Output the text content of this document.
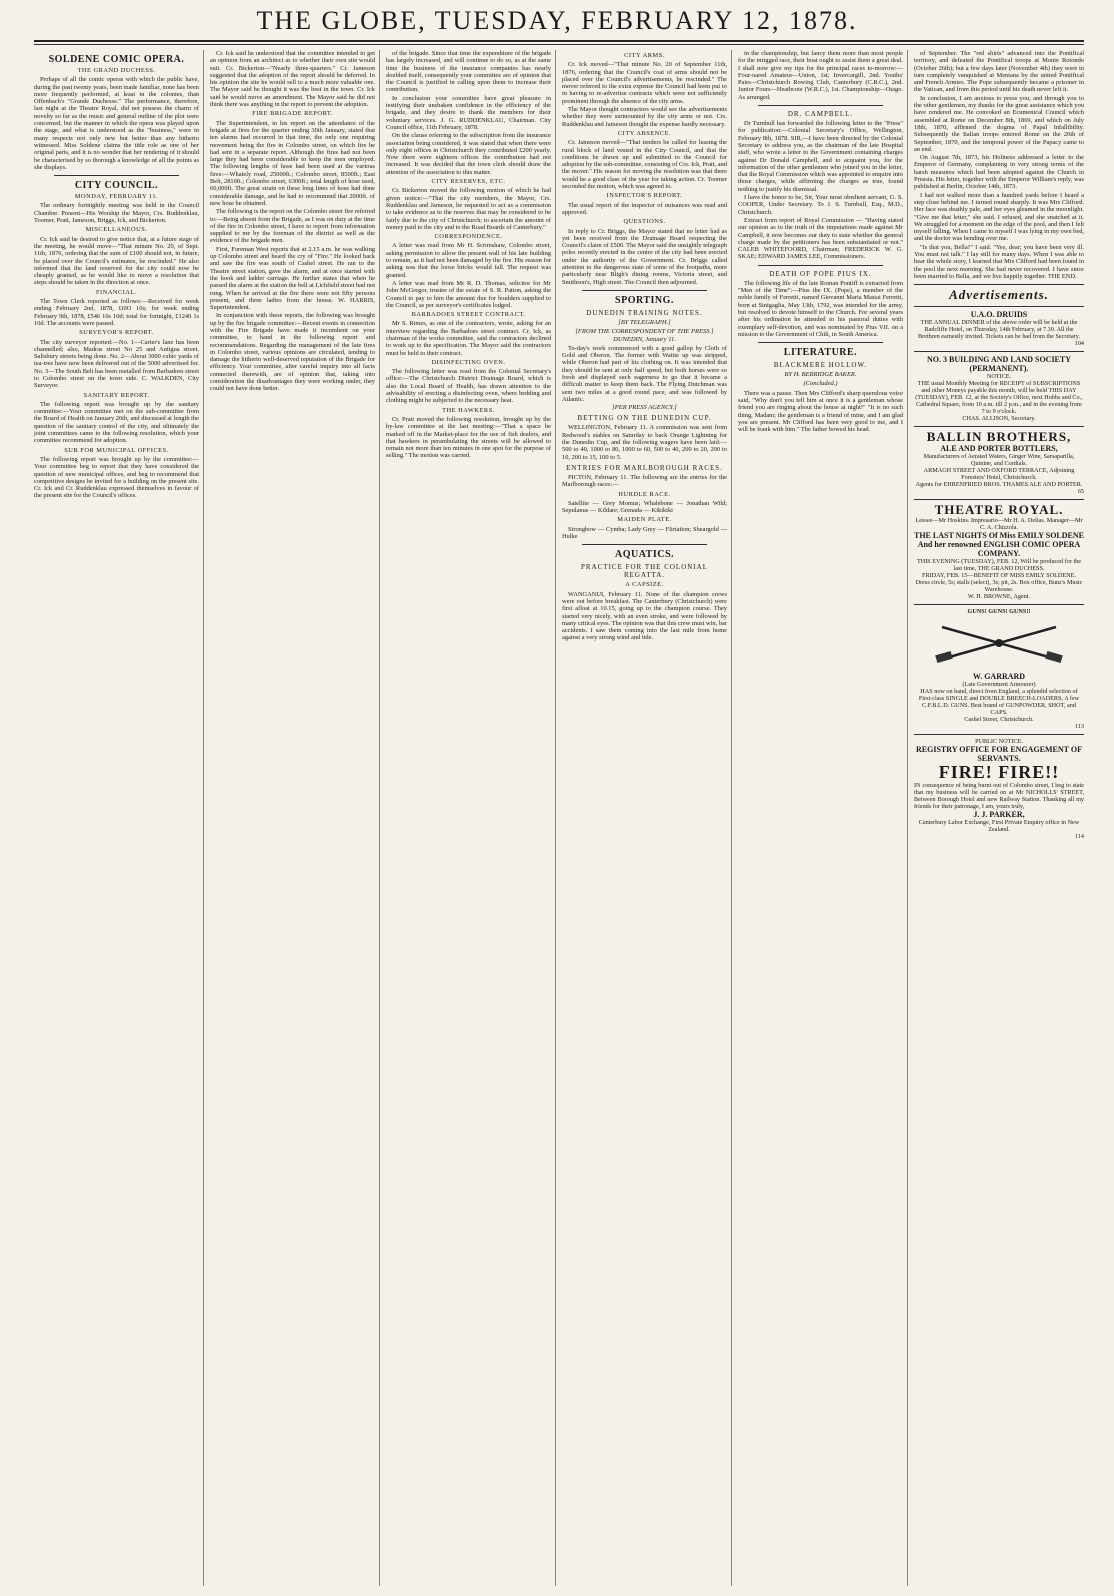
THE GLOBE, TUESDAY, FEBRUARY 12, 1878.
SOLDENE COMIC OPERA.
THE GRAND DUCHESS.

Perhaps of all the comic operas with which the public have, during the past twenty years, been made familiar, none has been more frequently performed, at least in the colonies, than Offenbach's "Grande Duchesse." The performance, therefore, last night at the Theatre Royal, did not possess the charm of novelty so far as the music and general outline of the plot were concerned, but the manner in which the opera was played upon the stage, and what is understood as the "business," were in many respects not only new but better than any hitherto witnessed. Miss Soldene claims the title role as one of her original parts, and it is no wonder that her rendering of it should be characterised by so thorough a knowledge of all the points as she displays.

CITY COUNCIL.
MONDAY, FEBRUARY 11.

The ordinary fortnightly meeting was held in the Council Chamber. Present—His Worship the Mayor, Crs. Ruddenklau, Toomer, Pratt, Jameson, Briggs, Ick, and Bickerton.

MISCELLANEOUS.

Cr. Ick said he desired to give notice that, at a future stage of the meeting, he would move—"That minute No. 20, of Sept. 11th, 1876, ordering that the sum of £100 should not, in future, be placed over the Council's estimates, be rescinded." He also informed that the land reserved for the city could now be cheaply granted, as he would like to move a resolution that steps should be taken in the direction at once.

FINANCIAL.

The Town Clerk reported as follows:—Received for week ending February 2nd, 1878, £693 10s; for week ending February 9th, 1878, £546 10s 10d; total for fortnight, £1240 1s 10d. The accounts were passed.

SURVEYOR'S REPORT.

The city surveyor reported:—No. 1—Carter's lane has been channelled; also, Madras street No 25 and Antigua street. Salisbury streets being done. No. 2—About 3000 cubic yards of tea-tree have now been delivered out of the 5000 advertised for. No. 3—The South Belt has been metalled from Barbadoes street to Colombo street on the town side. C. WALKDEN, City Surveyor.

SANITARY REPORT.

The following report was brought up by the sanitary committee:—Your committee met on the sub-committee from the Board of Health on January 26th, and discussed at length the question of the sanitary control of the city, and ultimately the joint committees came to the following resolution, which your committee recommend for adoption.

SUB FOR MUNICIPAL OFFICES.

The following report was brought up by the committee:—Your committee beg to report that they have considered the question of new municipal offices, and beg to recommend that competitive designs be invited for a building on the present site. Cr. Ick and Cr. Ruddenklau expressed themselves in favour of the present site for the Council's offices.

Cr. Ick said he understood that the committee intended to get an opinion from an architect as to whether their own site would suit. Cr. Bickerton—"Nearly three-quarters." Cr. Jameson suggested that the adoption of the report should be deferred. In his opinion the site he would sell to a much more valuable one. The Mayor said he thought it was the best in the town. Cr. Ick said he would move an amendment. The Mayor said he did not think there was anything in the report to prevent the adoption.

FIRE BRIGADE REPORT.

The Superintendent, in his report on the attendance of the brigade at fires for the quarter ending 30th January, stated that ten alarms had occurred in that time, the only one requiring movement being the fire in Colombo street, on which fire he had sent in a separate report. Although the fires had not been large they had been considerable to keep the men employed. The following lengths of hose had been used at the various fires:—Whately road, 25000ft.; Colombo street, 8500ft.; East Belt, 2810ft.; Colombo street, 6300ft.; total length of hose used, 60,000ft. The great strain on these long lines of hose had done considerable damage, and he had to recommend that 2000ft. of new hose be obtained.

The following is the report on the Colombo street fire referred to:—Being absent from the Brigade, as I was on duty at the time of the fire in Colombo street, I have to report from information supplied to me by the foreman of the district as well as the evidence of the brigade men.

First, Foreman West reports that at 2.15 a.m. he was walking up Colombo street and heard the cry of "Fire." He looked back and saw the fire was south of Cashel street. He ran to the Theatre street station, gave the alarm, and at once started with the hook and ladder carriage. He further states that when he passed the alarm at the station the bell at Lichfield street had not rung. When he arrived at the fire there were not fifty persons present, and three ladies from the house. W. HARRIS, Superintendent.

In conjunction with these reports, the following was brought up by the fire brigade committee:—Recent events in connection with the Fire Brigade have made it incumbent on your committee, to hand in the following report and recommendations. Regarding the management of the late fires in Colombo street, various opinions are circulated, tending to damage the hitherto well-deserved reputation of the Brigade for efficiency. Your committee, after careful inquiry into all facts connected therewith, are of opinion that, taking into consideration the disadvantages they were working under, they could not have done better.

of the brigade. Since that time the expenditure of the brigade has largely increased, and will continue to do so, as at the same time the business of the insurance companies has nearly doubled itself, consequently your committee are of opinion that the Council is justified in calling upon them to increase their contribution.

In conclusion your committee have great pleasure in testifying their unshaken confidence in the efficiency of the brigade, and they desire to thank the members for their voluntary services. J. G. RUDDENKLAU, Chairman. City Council office, 11th February, 1878.

On the clause referring to the subscription from the insurance association being considered, it was stated that when there were only eight offices in Christchurch they contributed £200 yearly. Now there were eighteen offices the contribution had not increased. It was decided that the town clerk should draw the attention of the association to this matter.

CITY RESERVES, ETC.

Cr. Bickerton moved the following motion of which he had given notice:—"That the city members, the Mayor, Crs. Ruddenklau and Jameson, be requested to act as a commission to take evidence as to the reserves that may be considered to be fairly due to the city of Christchurch; to ascertain the amount of money paid to the city and to the Road Boards of Canterbury."

CORRESPONDENCE.

A letter was read from Mr H. Scrimshaw, Colombo street, asking permission to allow the present wall of his late building to remain, as it had not been damaged by the fire. His reason for asking was that the loose bricks would fall. The request was granted.

A letter was read from Mr R. D. Thomas, solicitor for Mr John McGregor, trustee of the estate of S. R. Patton, asking the Council to pay to him the amount due for boulders supplied to the Council, as per surveyor's certificates lodged.

BARBADOES STREET CONTRACT.

Mr S. Rimes, as one of the contractors, wrote, asking for an interview regarding the Barbadoes street contract. Cr. Ick, as chairman of the works committee, said the contractors declined to work up to the specification. The Mayor said the contractors must be held to their contract.

DISINFECTING OVEN.

The following letter was read from the Colonial Secretary's office:—The Christchurch District Drainage Board, which is also the Local Board of Health, has drawn attention to the advisability of erecting a disinfecting oven, where bedding and clothing might be subjected to the necessary heat.

THE HAWKERS.

Cr. Pratt moved the following resolution, brought up by the by-law committee at the last meeting:—"That a space be marked off in the Market-place for the use of fish dealers, and that hawkers in perambulating the streets will be allowed to remain not more than ten minutes in one spot for the purpose of selling." The motion was carried.

CITY ARMS.

Cr. Ick moved—"That minute No. 20 of September 11th, 1876, ordering that the Council's coat of arms should not be placed over the Council's advertisements, be rescinded." The mover referred to the extra expense the Council had been put to in having to re-advertise contracts which were not sufficiently prominent through the absence of the city arms.

The Mayor thought contractors would see the advertisements whether they were surmounted by the city arms or not. Crs. Ruddenklau and Jameson thought the expense hardly necessary.

CITY ABSENCE.

Cr. Jameson moved—"That tenders be called for leasing the rural block of land vested in the City Council, and that the conditions be drawn up and submitted to the Council for adoption by the sub-committee, consisting of Crs. Ick, Pratt, and the mover." His reason for moving the resolution was that there would be a good class of the year for taking action. Cr. Toomer seconded the motion, which was agreed to.

INSPECTOR'S REPORT.

The usual report of the inspector of nuisances was read and approved.

QUESTIONS.

In reply to Cr. Briggs, the Mayor stated that no letter had as yet been received from the Drainage Board respecting the Council's claim of £500. The Mayor said the unsightly telegraph poles recently erected in the centre of the city had been erected under the authority of the Government. Cr. Briggs called attention to the dangerous state of some of the footpaths, more particularly near Bligh's dining rooms, Victoria street, and Smithson's, High street. The Council then adjourned.

SPORTING.
DUNEDIN TRAINING NOTES.
[BY TELEGRAPH.]
[FROM THE CORRESPONDENT OF THE PRESS.] DUNEDIN, January 11.

To-day's work commenced with a good gallop by Cloth of Gold and Oberon. The former with Wattie up was stripped, while Oberon had part of his clothing on. It was intended that they should be sent at only half speed, but both horses were so fresh and displayed such eagerness to go that it became a difficult matter to keep them back. The Flying Dutchman was sent two miles at a good round pace, and was followed by Atlantic.

[PER PRESS AGENCY.]
BETTING ON THE DUNEDIN CUP.

WELLINGTON, February 11. A commission was sent from Redwood's stables on Saturday to back Orange Lightning for the Dunedin Cup, and the following wagers have been laid:—500 to 40, 1000 to 80, 1000 to 60, 500 to 40, 200 to 20, 200 to 10, 200 to 15, 100 to 5.

ENTRIES FOR MARLBOROUGH RACES.

PICTON, February 11. The following are the entries for the Marlborough races:—

HURDLE RACE.

Satellite — Grey Momus; Whalebone — Jonathan Wild; Sepulanus — Kildare; Grenada — Kikikiki

MAIDEN PLATE.

Strongbow — Cymba; Lady Grey — Flirtation; Sheargold — Hulke

AQUATICS.
PRACTICE FOR THE COLONIAL REGATTA.
A CAPSIZE.

WANGANUI, February 11. None of the champion crews were out before breakfast. The Canterbury (Christchurch) were first afloat at 10.15, going up to the champion course. They started very nicely, with an even stroke, and were followed by many critical eyes. The opinion was that this crew must win, bar accidents. I saw them coming into the last mile from home against a very strong wind and tide.

in the championship, but fancy them more than most people for the inrigged race, their boat ought to assist them a great deal. I shall now give my tips for the principal races to-morrow:—Four-oared Amateur—Union, 1st; Invercargill, 2nd. Youths' Pairs—Christchurch Rowing Club, Canterbury (C.R.C.), 2nd. Junior Fours—Heathcote (W.R.C.), 1st. Championship—Otago. As arranged.

DR. CAMPBELL.

Dr Turnbull has forwarded the following letter to the "Press" for publication:—Colonial Secretary's Office, Wellington, February 8th, 1878. SIR,—I have been directed by the Colonial Secretary to address you, as the chairman of the late Hospital staff, who wrote a letter to the Government containing charges against Dr Donald Campbell, and to acquaint you, for the information of the other gentlemen who joined you in the letter, that the Royal Commission which was appointed to enquire into those charges, while affirming the charges as true, found nothing to justify his dismissal.

I have the honor to be, Sir, Your most obedient servant, G. S. COOPER, Under Secretary. To J. S. Turnbull, Esq., M.D., Christchurch.

Extract from report of Royal Commission — "Having stated our opinion as to the truth of the imputations made against Mr Campbell, it now becomes our duty to state whether the general charge made by the petitioners has been substantiated or not." CALEB WHITEFOORD, Chairman; FREDERICK W. G. SKAE; EDWARD JAMES LEE, Commissioners.

DEATH OF POPE PIUS IX.

The following life of the late Roman Pontiff is extracted from "Men of the Time":—Pius the IX. (Pope), a member of the noble family of Ferretti, named Giovanni Maria Mastai Ferretti, born at Sinigaglia, May 13th, 1792, was intended for the army, but resolved to devote himself to the Church. For several years after his ordination he attended to his pastoral duties with exemplary self-devotion, and was nominated by Pius VII. on a mission to the Government of Chili, in South America.

LITERATURE.
BLACKMERE HOLLOW.
BY H. BERRIDGE BAKER.
(Concluded.)

There was a pause. Then Mrs Clifford's sharp querulous voice said, "Why don't you tell him at once it is a gentleman whose friend you are ringing about the house at night!" "It is no such thing, Madam; the gentleman is a friend of mine, and I am glad you are present. Mr Clifford has been very good to me, and I will be frank with him." The father bowed his head.

of September. The "red shirts" advanced into the Pontifical territory, and defeated the Pontifical troops at Monte Rotondo (October 26th); but a few days later (November 4th) they were in turn completely vanquished at Mentana by the united Pontifical and French Armies. The Pope subsequently became a prisoner in the Vatican, and from this period until his death never left it.

In conclusion, I am anxious to press you, and through you to the other gentlemen, my thanks for the great assistance which you have rendered me. He convoked an Ecumenical Council which assembled at Rome on December 8th, 1869, and which on July 18th, 1870, affirmed the dogma of Papal Infallibility. Subsequently the Italian troops entered Rome on the 20th of September, 1870, and the temporal power of the Papacy came to an end.

On August 7th, 1873, his Holiness addressed a letter to the Emperor of Germany, complaining in very strong terms of the harsh measures which had been adopted against the Church in Prussia. His letter, together with the Emperor William's reply, was published at Berlin, October 14th, 1873.

I had not walked more than a hundred yards before I heard a step close behind me. I turned round sharply. It was Mrs Clifford. Her face was deathly pale, and her eyes gleamed in the moonlight. "Give me that letter," she said. I refused, and she snatched at it. We struggled for a moment on the edge of the pool, and then I felt myself falling. When I came to myself I was lying in my own bed, and the doctor was bending over me.

"Is that you, Bella?" I said. "Yes, dear; you have been very ill. You must not talk." I lay still for many days. When I was able to hear the whole story, I learned that Mrs Clifford had been found in the pool the next morning. She had never recovered. I have since been married to Bella, and we live happily together. THE END.

Advertisements.
U.A.O. DRUIDS
THE ANNUAL DINNER of the above order will be held at the Radcliffe Hotel, on Thursday, 14th February, at 7.30. All the Brethren earnestly invited. Tickets can be had from the Secretary.
104
NO. 3 BUILDING AND LAND SOCIETY (PERMANENT).
NOTICE.
THE usual Monthly Meeting for RECEIPT of SUBSCRIPTIONS and other Moneys payable this month, will be held THIS DAY (TUESDAY), FEB. 12, at the Society's Office, next Hobbs and Co., Cathedral Square, from 10 a.m. till 2 p.m., and in the evening from 7 to 9 o'clock.
CHAS. ALLISON, Secretary.
BALLIN BROTHERS,
ALE AND PORTER BOTTLERS,
Manufacturers of Aerated Waters, Ginger Wine, Sarsaparilla, Quinine, and Cordials.
ARMAGH STREET AND OXFORD TERRACE, Adjoining Foresters' Hotel, Christchurch.
Agents for EHRENFRIED BROS. THAMES ALE AND PORTER.
65
THEATRE ROYAL.
Lessee—Mr Hoskins. Impresario—Mr H. A. Delias. Manager—Mr C. A. Chizzola.
THE LAST NIGHTS Of Miss EMILY SOLDENE And her renowned ENGLISH COMIC OPERA COMPANY.
THIS EVENING (TUESDAY), FEB. 12, Will be produced for the last time, THE GRAND DUCHESS.
FRIDAY, FEB. 15—BENEFIT OF MISS EMILY SOLDENE.
Dress circle, 5s; stalls (select), 3s; pit, 2s. Box office, Bunz's Music Warehouse.
W. H. BROWNE, Agent.
GUNS! GUNS! GUNS!!
W. GARRARD
(Late Government Armourer)
HAS now on hand, direct from England, a splendid selection of First-class SINGLE and DOUBLE BREECH-LOADERS, A few C.F.B.L.D. GUNS. Best brand of GUNPOWDER, SHOT, and CAPS.
Cashel Street, Christchurch.
113
PUBLIC NOTICE.
REGISTRY OFFICE FOR ENGAGEMENT OF SERVANTS.
FIRE! FIRE!!
IN consequence of being burnt out of Colombo street, I beg to state that my business will be carried on at Mr NICHOLLS' STREET, Between Borough Hotel and new Railway Station. Thanking all my friends for their patronage, I am, yours truly,
J. J. PARKER,
Canterbury Labor Exchange, First Private Enquiry office in New Zealand.
114
